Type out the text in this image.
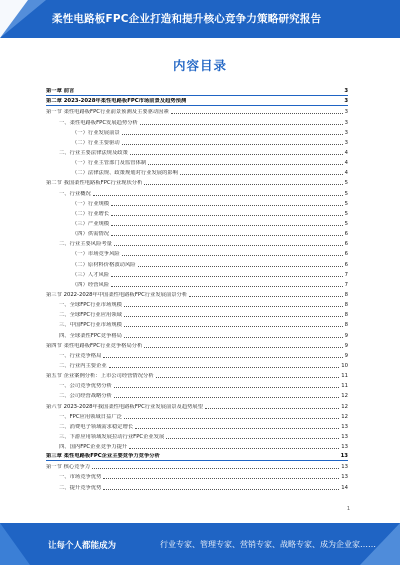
柔性电路板FPC企业打造和提升核心竞争力策略研究报告
内容目录
第一章 前言	3
第二章 2023-2028年柔性电路板FPC市场前景及趋势预测	3
第一节 柔性电路板FPC行业前景预测及主要驱动因素	3
一、柔性电路板FPC发展趋势分析	3
（一）行业发展前景	3
（二）行业主要驱动	3
二、行业主要法律法规及政策	4
（一）行业主管部门及监管体制	4
（二）法律法规、政策规划对行业发展的影响	4
第二节 我国柔性电路板FPC行业现状分析	5
一、行业概况	5
（一）行业规模	5
（二）行业增长	5
（三）产业规模	5
（四）供需情况	6
二、行业主要风险考量	6
（一）市场竞争风险	6
（二）原材料价格波动风险	6
（三）人才风险	7
（四）经营风险	7
第三节 2022-2028年中国柔性电路板FPC行业发展前景分析	8
一、全球FPC行业市场规模	8
二、全球FPC行业应用领域	8
三、中国FPC行业市场规模	8
四、全球柔性FPC竞争格局	9
第四节 柔性电路板FPC行业竞争格局分析	9
一、行业竞争格局	9
二、行业内主要企业	10
第五节 企业案例分析：上市公司经营情况分析	11
一、公司竞争优势分析	11
二、公司经营战略分析	12
第六节 2023-2028年我国柔性电路板FPC行业发展前景及趋势展望	12
一、FPC应用领域日益广泛	12
二、消费电子领域需求稳定增长	13
三、下游应用领域发展拉动行业FPC企业发展	13
四、国内FPC企业竞争力提升	13
第三章 柔性电路板FPC企业主要竞争力竞争分析	13
第一节 核心竞争力	13
一、市场竞争优势	13
二、提升竞争优势	14
1
让每个人都能成为	行业专家、管理专家、营销专家、战略专家、成为企业家……
